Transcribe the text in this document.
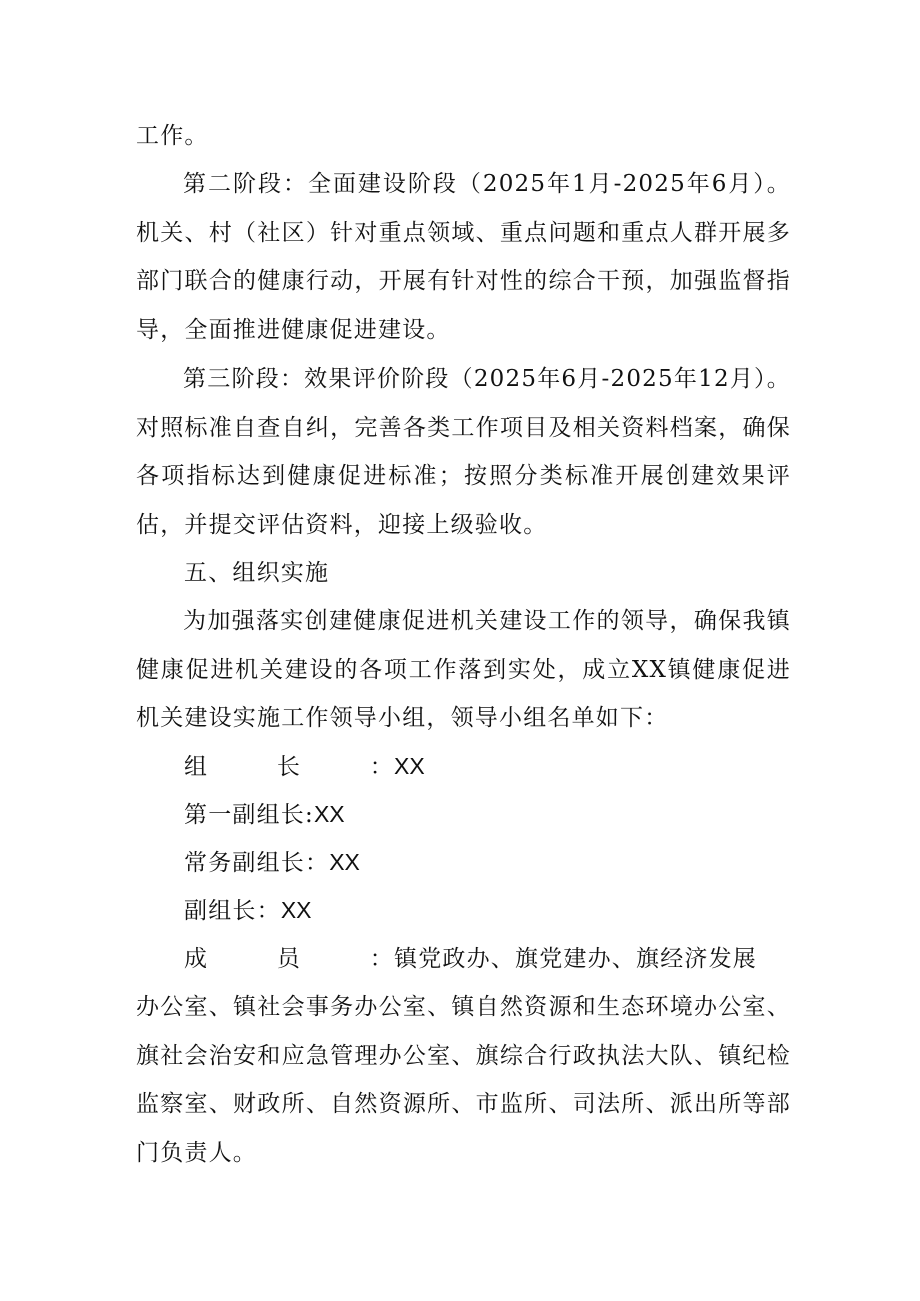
工作。

第二阶段：全面建设阶段（2025年1月-2025年6月）。机关、村（社区）针对重点领域、重点问题和重点人群开展多部门联合的健康行动，开展有针对性的综合干预，加强监督指导，全面推进健康促进建设。

第三阶段：效果评价阶段（2025年6月-2025年12月）。对照标准自查自纠，完善各类工作项目及相关资料档案，确保各项指标达到健康促进标准；按照分类标准开展创建效果评估，并提交评估资料，迎接上级验收。

五、组织实施

为加强落实创建健康促进机关建设工作的领导，确保我镇健康促进机关建设的各项工作落到实处，成立XX镇健康促进机关建设实施工作领导小组，领导小组名单如下：

组长：XX

第一副组长:XX

常务副组长：XX

副组长：XX

成员：镇党政办、旗党建办、旗经济发展

办公室、镇社会事务办公室、镇自然资源和生态环境办公室、旗社会治安和应急管理办公室、旗综合行政执法大队、镇纪检监察室、财政所、自然资源所、市监所、司法所、派出所等部门负责人。
